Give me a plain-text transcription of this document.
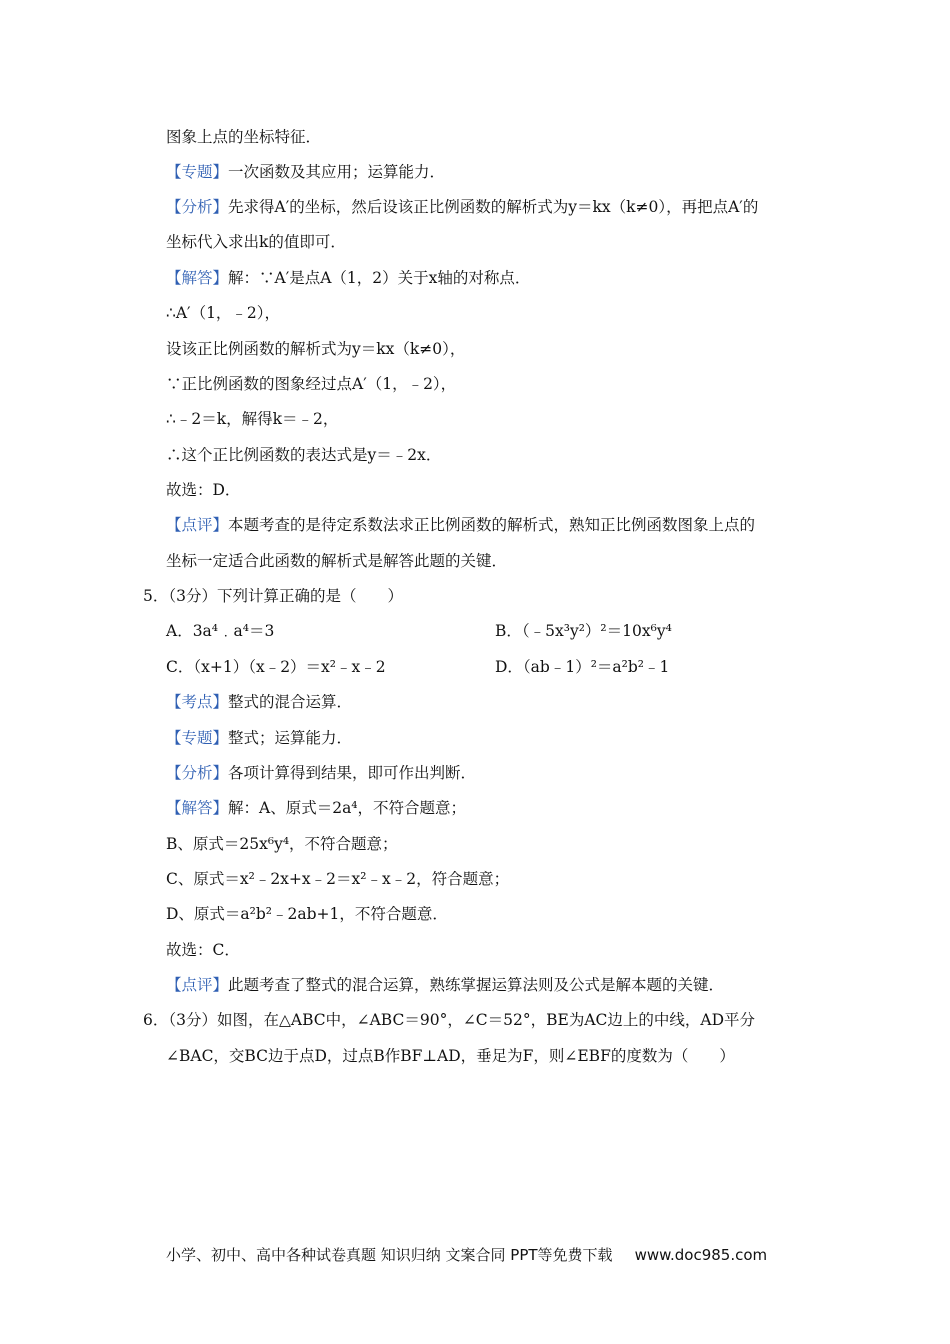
图象上点的坐标特征．
【专题】一次函数及其应用；运算能力．
【分析】先求得A′的坐标，然后设该正比例函数的解析式为y＝kx（k≠0），再把点A′的
坐标代入求出k的值即可．
【解答】解：∵A′是点A（1，2）关于x轴的对称点．
∴A′（1，﹣2），
设该正比例函数的解析式为y＝kx（k≠0），
∵正比例函数的图象经过点A′（1，﹣2），
∴﹣2＝k，解得k＝﹣2，
∴这个正比例函数的表达式是y＝﹣2x．
故选：D．
【点评】本题考查的是待定系数法求正比例函数的解析式，熟知正比例函数图象上点的
坐标一定适合此函数的解析式是解答此题的关键．
5．（3分）下列计算正确的是（　　）
A．3a⁴﹒a⁴＝3	B．（﹣5x³y²）²＝10x⁶y⁴
C．（x+1）（x﹣2）＝x²﹣x﹣2	D．（ab﹣1）²＝a²b²﹣1
【考点】整式的混合运算．
【专题】整式；运算能力．
【分析】各项计算得到结果，即可作出判断．
【解答】解：A、原式＝2a⁴，不符合题意；
B、原式＝25x⁶y⁴，不符合题意；
C、原式＝x²﹣2x+x﹣2＝x²﹣x﹣2，符合题意；
D、原式＝a²b²﹣2ab+1，不符合题意．
故选：C．
【点评】此题考查了整式的混合运算，熟练掌握运算法则及公式是解本题的关键．
6．（3分）如图，在△ABC中，∠ABC＝90°，∠C＝52°，BE为AC边上的中线，AD平分
∠BAC，交BC边于点D，过点B作BF⊥AD，垂足为F，则∠EBF的度数为（　　）
小学、初中、高中各种试卷真题 知识归纳 文案合同 PPT等免费下载 www.doc985.com
